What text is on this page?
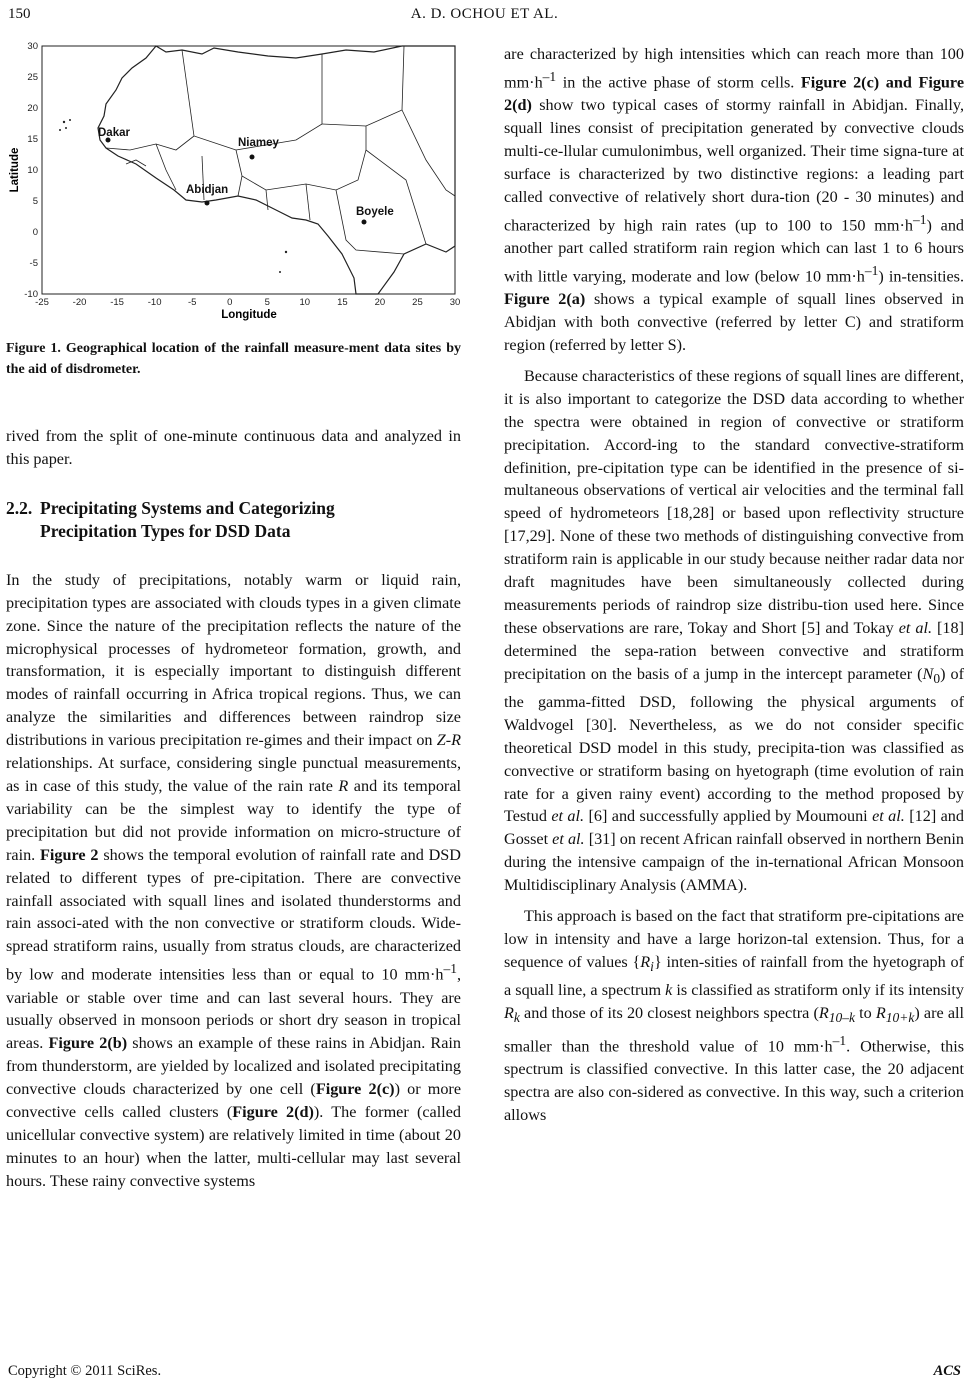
150	A. D. OCHOU ET AL.
Dakar
Niamey
Abidjan
Boyele
-25	-20	-15	-10	-5	0	5	10	15	20	25	30
30
25
20
15
10
5
0
-5
-10
Longitude
Latitude
Figure 1. Geographical location of the rainfall measure-ment data sites by the aid of disdrometer.

rived from the split of one-minute continuous data and analyzed in this paper.

2.2. Precipitating Systems and Categorizing
Precipitation Types for DSD Data

In the study of precipitations, notably warm or liquid rain, precipitation types are associated with clouds types in a given climate zone. Since the nature of the precipitation reflects the nature of the microphysical processes of hydrometeor formation, growth, and transformation, it is especially important to distinguish different modes of rainfall occurring in Africa tropical regions. Thus, we can analyze the similarities and differences between raindrop size distributions in various precipitation re-gimes and their impact on Z-R relationships. At surface, considering single punctual measurements, as in case of this study, the value of the rain rate R and its temporal variability can be the simplest way to identify the type of precipitation but did not provide information on micro-structure of rain. Figure 2 shows the temporal evolution of rainfall rate and DSD related to different types of pre-cipitation. There are convective rainfall associated with squall lines and isolated thunderstorms and rain associ-ated with the non convective or stratiform clouds. Wide-spread stratiform rains, usually from stratus clouds, are characterized by low and moderate intensities less than or equal to 10 $mm\cdot h^{-1}$, variable or stable over time and can last several hours. They are usually observed in monsoon periods or short dry season in tropical areas. Figure 2(b) shows an example of these rains in Abidjan. Rain from thunderstorm, are yielded by localized and isolated precipitating convective clouds characterized by one cell (Figure 2(c)) or more convective cells called clusters (Figure 2(d)). The former (called unicellular convective system) are relatively limited in time (about 20 minutes to an hour) when the latter, multi-cellular may last several hours. These rainy convective systems

are characterized by high intensities which can reach more than 100 $mm\cdot h^{-1}$ in the active phase of storm cells. Figure 2(c) and Figure 2(d) show two typical cases of stormy rainfall in Abidjan. Finally, squall lines consist of precipitation generated by convective clouds multi-ce-llular cumulonimbus, well organized. Their time signa-ture at surface is characterized by two distinctive regions: a leading part called convective of relatively short dura-tion (20 - 30 minutes) and characterized by high rain rates (up to 100 to 150 $mm\cdot h^{-1}$) and another part called stratiform rain region which can last 1 to 6 hours with little varying, moderate and low (below 10 $mm\cdot h^{-1}$) in-tensities. Figure 2(a) shows a typical example of squall lines observed in Abidjan with both convective (referred by letter C) and stratiform region (referred by letter S).

Because characteristics of these regions of squall lines are different, it is also important to categorize the DSD data according to whether the spectra were obtained in region of convective or stratiform precipitation. Accord-ing to the standard convective-stratiform definition, pre-cipitation type can be identified in the presence of si-multaneous observations of vertical air velocities and the terminal fall speed of hydrometeors [18,28] or based upon reflectivity structure [17,29]. None of these two methods of distinguishing convective from stratiform rain is applicable in our study because neither radar data nor draft magnitudes have been simultaneously collected during measurements periods of raindrop size distribu-tion used here. Since these observations are rare, Tokay and Short [5] and Tokay et al. [18] determined the sepa-ration between convective and stratiform precipitation on the basis of a jump in the intercept parameter $(N_0)$ of the gamma-fitted DSD, following the physical arguments of Waldvogel [30]. Nevertheless, as we do not consider specific theoretical DSD model in this study, precipita-tion was classified as convective or stratiform basing on hyetograph (time evolution of rain rate for a given rainy event) according to the method proposed by Testud et al. [6] and successfully applied by Moumouni et al. [12] and Gosset et al. [31] on recent African rainfall observed in northern Benin during the intensive campaign of the in-ternational African Monsoon Multidisciplinary Analysis (AMMA).

This approach is based on the fact that stratiform pre-cipitations are low in intensity and have a large horizon-tal extension. Thus, for a sequence of values $\{R_i\}$ inten-sities of rainfall from the hyetograph of a squall line, a spectrum k is classified as stratiform only if its intensity $R_k$ and those of its 20 closest neighbors spectra ($R_{10-k}$ to $R_{10+k}$) are all smaller than the threshold value of 10 $mm\cdot h^{-1}$. Otherwise, this spectrum is classified convective. In this latter case, the 20 adjacent spectra are also con-sidered as convective. In this way, such a criterion allows

Copyright © 2011 SciRes.	ACS
